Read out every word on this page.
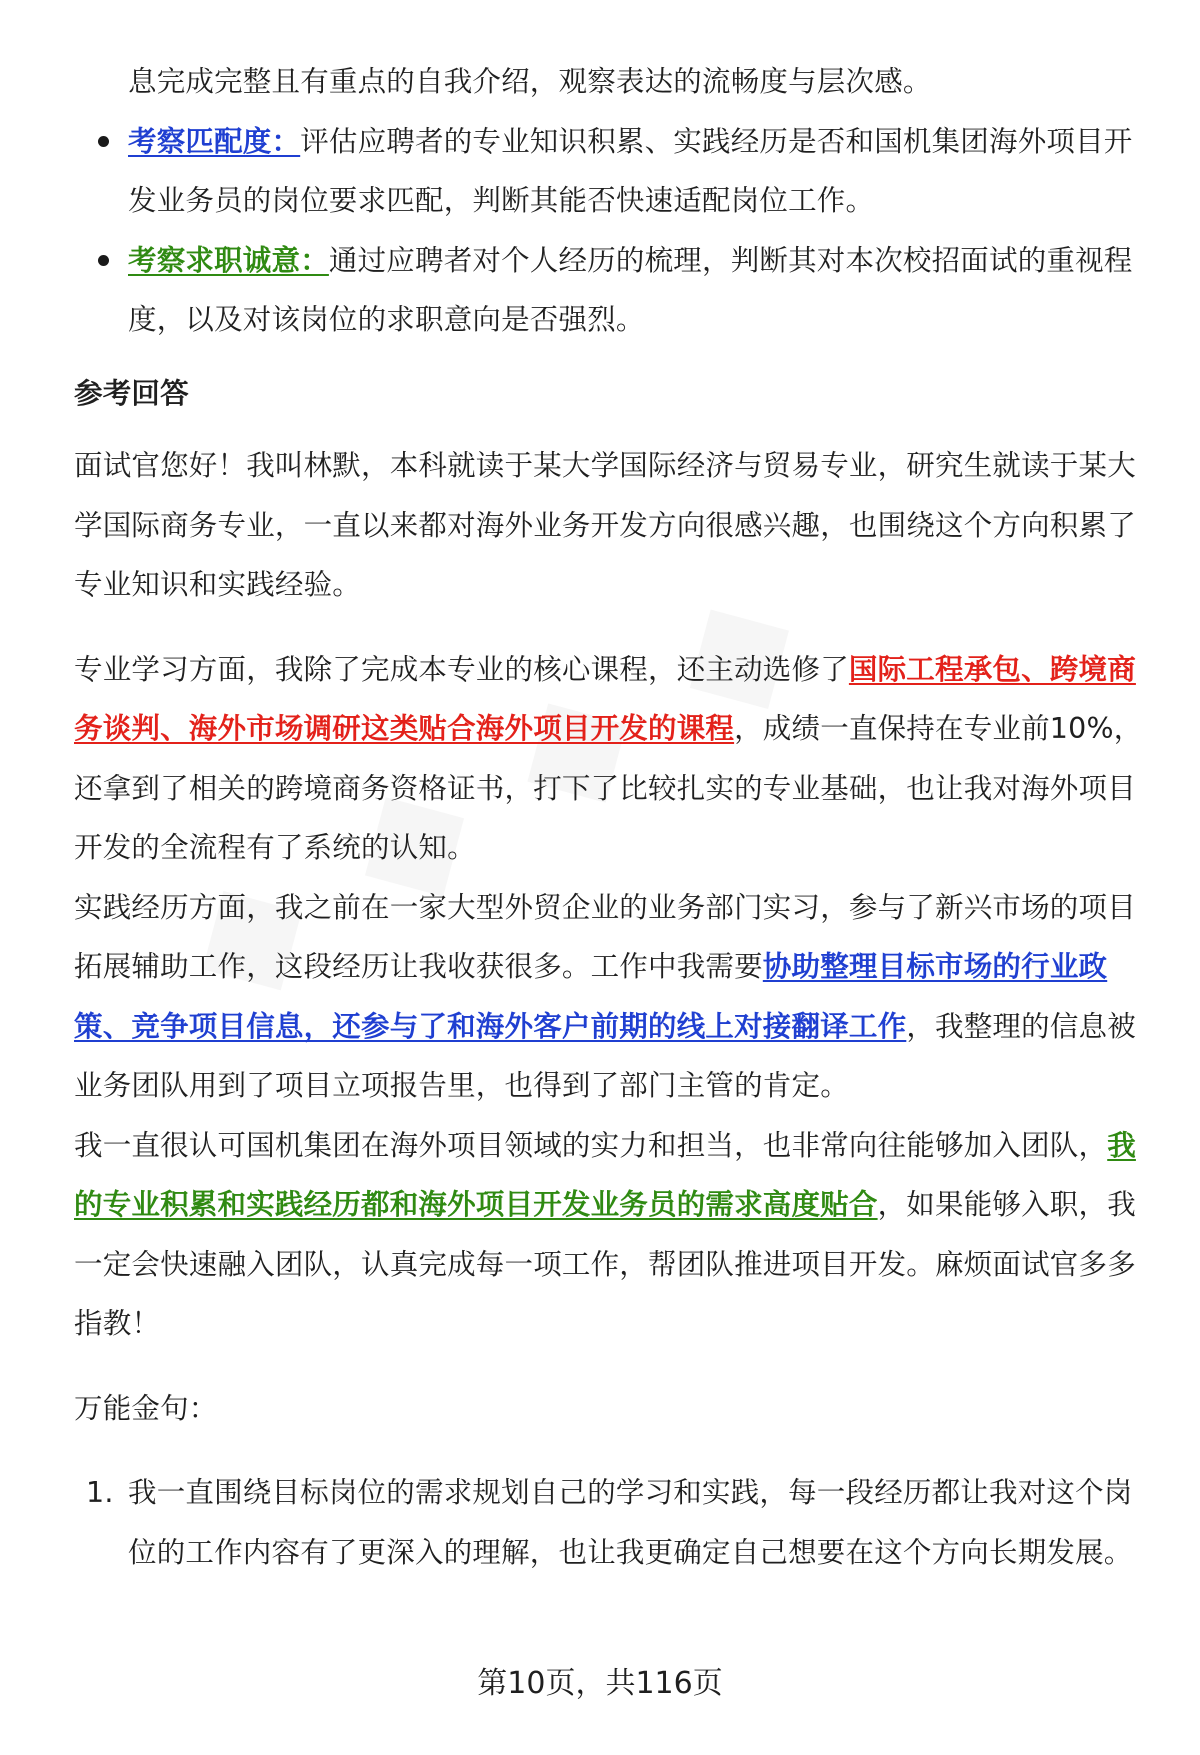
息完成完整且有重点的自我介绍，观察表达的流畅度与层次感。

考察匹配度：评估应聘者的专业知识积累、实践经历是否和国机集团海外项目开发业务员的岗位要求匹配，判断其能否快速适配岗位工作。
考察求职诚意：通过应聘者对个人经历的梳理，判断其对本次校招面试的重视程度，以及对该岗位的求职意向是否强烈。

参考回答

面试官您好！我叫林默，本科就读于某大学国际经济与贸易专业，研究生就读于某大学国际商务专业，一直以来都对海外业务开发方向很感兴趣，也围绕这个方向积累了专业知识和实践经验。

专业学习方面，我除了完成本专业的核心课程，还主动选修了国际工程承包、跨境商务谈判、海外市场调研这类贴合海外项目开发的课程，成绩一直保持在专业前10%，还拿到了相关的跨境商务资格证书，打下了比较扎实的专业基础，也让我对海外项目开发的全流程有了系统的认知。

实践经历方面，我之前在一家大型外贸企业的业务部门实习，参与了新兴市场的项目拓展辅助工作，这段经历让我收获很多。工作中我需要协助整理目标市场的行业政策、竞争项目信息，还参与了和海外客户前期的线上对接翻译工作，我整理的信息被业务团队用到了项目立项报告里，也得到了部门主管的肯定。

我一直很认可国机集团在海外项目领域的实力和担当，也非常向往能够加入团队，我的专业积累和实践经历都和海外项目开发业务员的需求高度贴合，如果能够入职，我一定会快速融入团队，认真完成每一项工作，帮团队推进项目开发。麻烦面试官多多指教！

万能金句：

1. 我一直围绕目标岗位的需求规划自己的学习和实践，每一段经历都让我对这个岗位的工作内容有了更深入的理解，也让我更确定自己想要在这个方向长期发展。
第10页，共116页
